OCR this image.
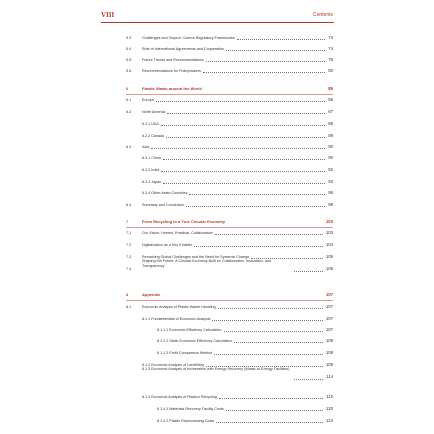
VIII	Contents
5.3	Challenges and Gaps in Current Regulatory Frameworks	73
5.4	Role of International Agreements and Cooperation	74
5.5	Future Trends and Recommendations	75
5.6	Recommendations for Policymakers	80
6	Plastic Waste around the World	85
6.1	Europe	85
6.2	North America	87
6.2.1 USA	88
6.2.2 Canada	89
6.3	Asia	90
6.3.1 China	90
6.3.2 India	92
6.3.3 Japan	93
6.3.4 Other Asian Countries	95
6.4	Summary and Conclusion	98
7	From Recycling to a True Circular Economy	103
7.1	Our Vision: Honest, Practical, Collaborative	103
7.2	Digitalization as a Key Enabler	104
7.3	Remaining Global Challenges and the Need for Systemic Change	105
7.4
Shaping the Future: A Circular Economy Built on Collaboration, Innovation, and Transparency	106
8	Appendix	107
8.1	Economic Analysis of Plastic Waste Handling	107
8.1.1 Fundamentals of Economic Analysis	107
8.1.1.1 Economic Efficiency Calculation	107
8.1.1.2 Static Economic Efficiency Calculation	108
8.1.1.3 Profit Comparison Method	108
8.1.2 Economic Analysis of Landfilling	109
8.1.3 Economic Analysis of Incineration with Energy Recovery (Waste-to-Energy Facilities)
114
8.1.4 Economic Analysis of Plastics Recycling	115
8.1.4.1 Materials Recovery Facility Costs	120
8.1.4.2 Plastic Reprocessing Costs	124
